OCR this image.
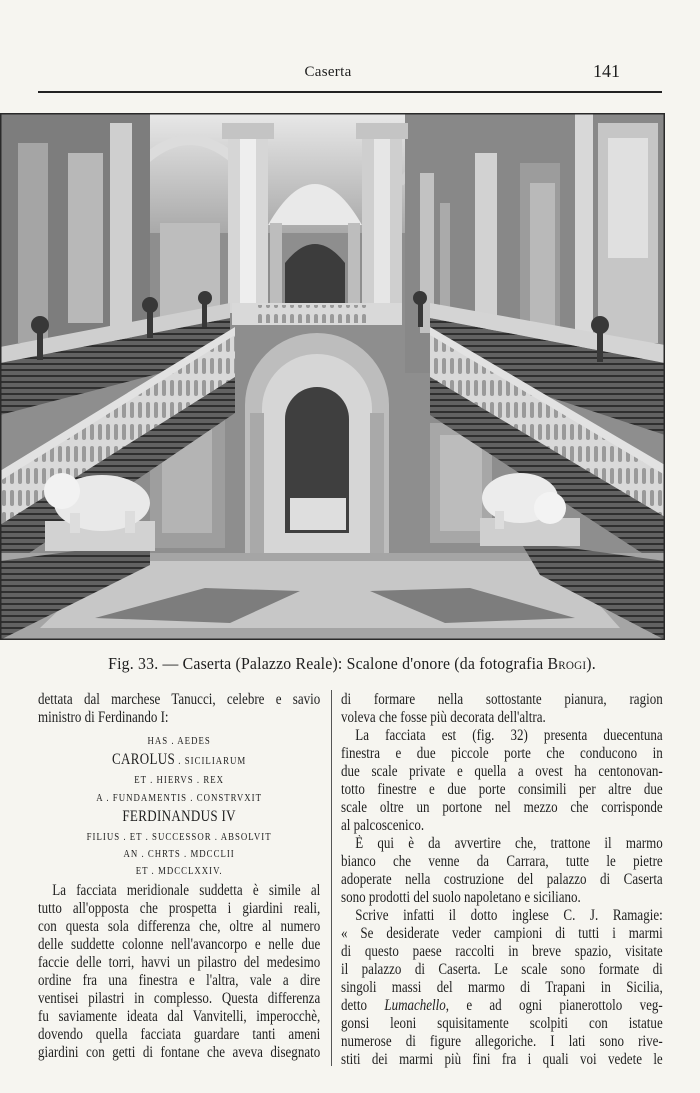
Caserta	141
Fig. 33. — Caserta (Palazzo Reale): Scalone d'onore (da fotografia Brogi).
dettata dal marchese Tanucci, celebre e savio
ministro di Ferdinando I:
HAS . AEDES
CAROLUS . SICILIARUM
ET . HIERVS . REX
A . FUNDAMENTIS . CONSTRVXIT
FERDINANDUS IV
FILIUS . ET . SUCCESSOR . ABSOLVIT
AN . CHRTS . MDCCLII
ET . MDCCLXXIV.
La facciata meridionale suddetta è simile al
tutto all'opposta che prospetta i giardini reali,
con questa sola differenza che, oltre al numero
delle suddette colonne nell'avancorpo e nelle due
faccie delle torri, havvi un pilastro del medesimo
ordine fra una finestra e l'altra, vale a dire
ventisei pilastri in complesso. Questa differenza
fu saviamente ideata dal Vanvitelli, imperocchè,
dovendo quella facciata guardare tanti ameni
giardini con getti di fontane che aveva disegnato
di formare nella sottostante pianura, ragion
voleva che fosse più decorata dell'altra.
La facciata est (fig. 32) presenta duecentuna
finestra e due piccole porte che conducono in
due scale private e quella a ovest ha centonovan-
totto finestre e due porte consimili per altre due
scale oltre un portone nel mezzo che corrisponde
al palcoscenico.
È qui è da avvertire che, trattone il marmo
bianco che venne da Carrara, tutte le pietre
adoperate nella costruzione del palazzo di Caserta
sono prodotti del suolo napoletano e siciliano.
Scrive infatti il dotto inglese C. J. Ramagie:
« Se desiderate veder campioni di tutti i marmi
di questo paese raccolti in breve spazio, visitate
il palazzo di Caserta. Le scale sono formate di
singoli massi del marmo di Trapani in Sicilia,
detto Lumachello, e ad ogni pianerottolo veg-
gonsi leoni squisitamente scolpiti con istatue
numerose di figure allegoriche. I lati sono rive-
stiti dei marmi più fini fra i quali voi vedete le
